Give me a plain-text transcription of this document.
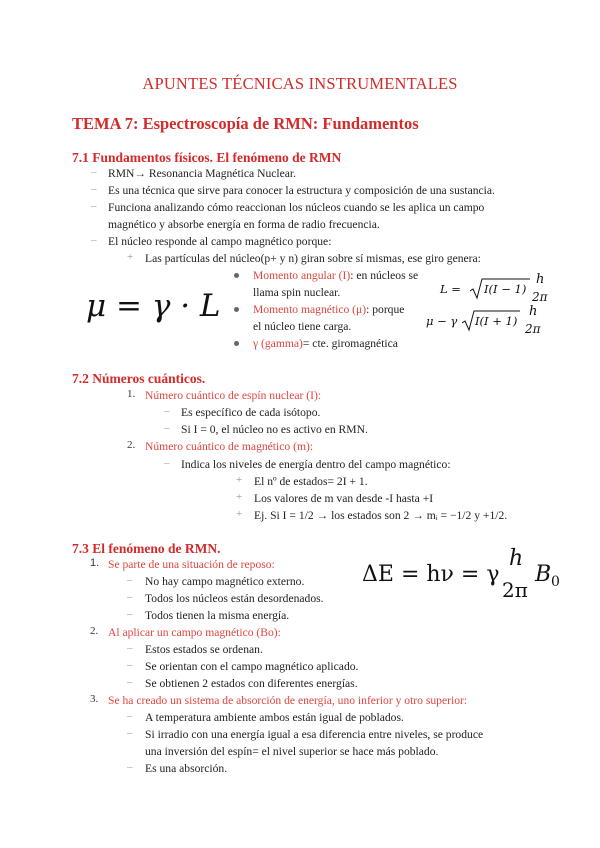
APUNTES TÉCNICAS INSTRUMENTALES
TEMA 7: Espectroscopía de RMN: Fundamentos
7.1 Fundamentos físicos. El fenómeno de RMN
– RMN→ Resonancia Magnética Nuclear.
– Es una técnica que sirve para conocer la estructura y composición de una sustancia.
– Funciona analizando cómo reaccionan los núcleos cuando se les aplica un campo
magnético y absorbe energía en forma de radio frecuencia.
– El núcleo responde al campo magnético porque:
+ Las partículas del núcleo(p+ y n) giran sobre sí mismas, ese giro genera:
Momento angular (I): en núcleos se
llama spin nuclear.
Momento magnético (μ): porque
el núcleo tiene carga.
γ (gamma)= cte. giromagnética
μ = γ · L	L = I(I − 1)
h
2π
μ − γ I(I + 1)
h
2π
7.2 Números cuánticos.
1. Número cuántico de espín nuclear (I):
– Es específico de cada isótopo.
– Si I = 0, el núcleo no es activo en RMN.
2. Número cuántico de magnético (m):
– Indica los niveles de energía dentro del campo magnético:
+ El nº de estados= 2I + 1.
+ Los valores de m van desde -I hasta +I
+ Ej. Si I = 1/2 → los estados son 2 → mᵢ = −1/2 y +1/2.
7.3 El fenómeno de RMN.
1. Se parte de una situación de reposo:
– No hay campo magnético externo.
– Todos los núcleos están desordenados.
– Todos tienen la misma energía.
2. Al aplicar un campo magnético (Bo):
– Estos estados se ordenan.
– Se orientan con el campo magnético aplicado.
– Se obtienen 2 estados con diferentes energías.
3. Se ha creado un sistema de absorción de energía, uno inferior y otro superior:
– A temperatura ambiente ambos están igual de poblados.
– Si irradio con una energía igual a esa diferencia entre niveles, se produce
una inversión del espín= el nivel superior se hace más poblado.
– Es una absorción.
ΔE = hν = γ
h
2π
B 0
